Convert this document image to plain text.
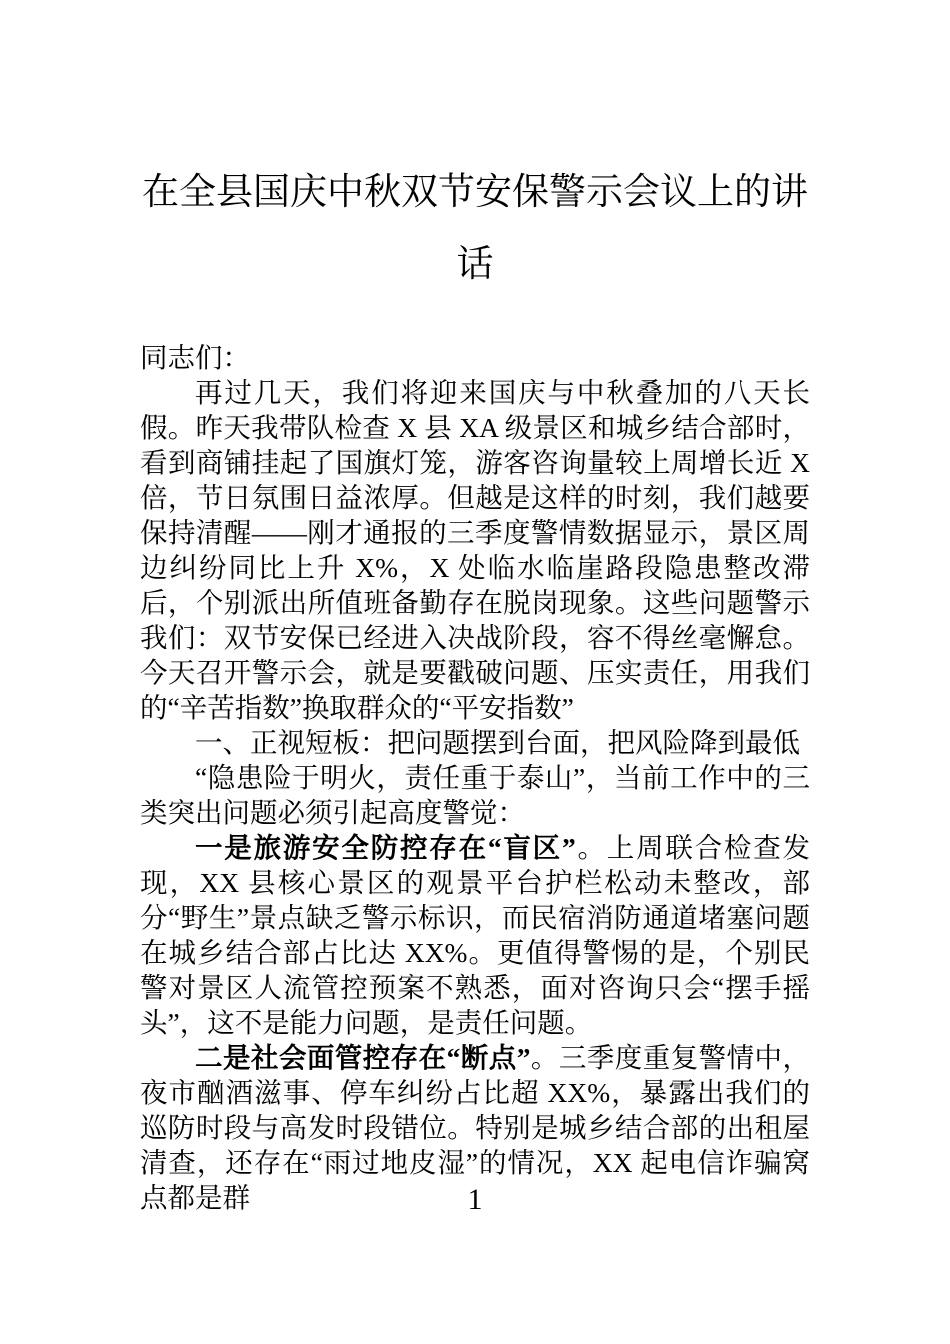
在全县国庆中秋双节安保警示会议上的讲话

同志们：

再过几天，我们将迎来国庆与中秋叠加的八天长假。昨天我带队检查 X 县 XA 级景区和城乡结合部时，看到商铺挂起了国旗灯笼，游客咨询量较上周增长近 X 倍，节日氛围日益浓厚。但越是这样的时刻，我们越要保持清醒——刚才通报的三季度警情数据显示，景区周边纠纷同比上升 X%，X 处临水临崖路段隐患整改滞后，个别派出所值班备勤存在脱岗现象。这些问题警示我们：双节安保已经进入决战阶段，容不得丝毫懈怠。今天召开警示会，就是要戳破问题、压实责任，用我们的“辛苦指数”换取群众的“平安指数”

一、正视短板：把问题摆到台面，把风险降到最低

“隐患险于明火，责任重于泰山”，当前工作中的三类突出问题必须引起高度警觉：

一是旅游安全防控存在“盲区”。上周联合检查发现，XX 县核心景区的观景平台护栏松动未整改，部分“野生”景点缺乏警示标识，而民宿消防通道堵塞问题在城乡结合部占比达 XX%。更值得警惕的是，个别民警对景区人流管控预案不熟悉，面对咨询只会“摆手摇头”，这不是能力问题，是责任问题。

二是社会面管控存在“断点”。三季度重复警情中，夜市酗酒滋事、停车纠纷占比超 XX%，暴露出我们的巡防时段与高发时段错位。特别是城乡结合部的出租屋清查，还存在“雨过地皮湿”的情况，XX 起电信诈骗窝点都是群	1
